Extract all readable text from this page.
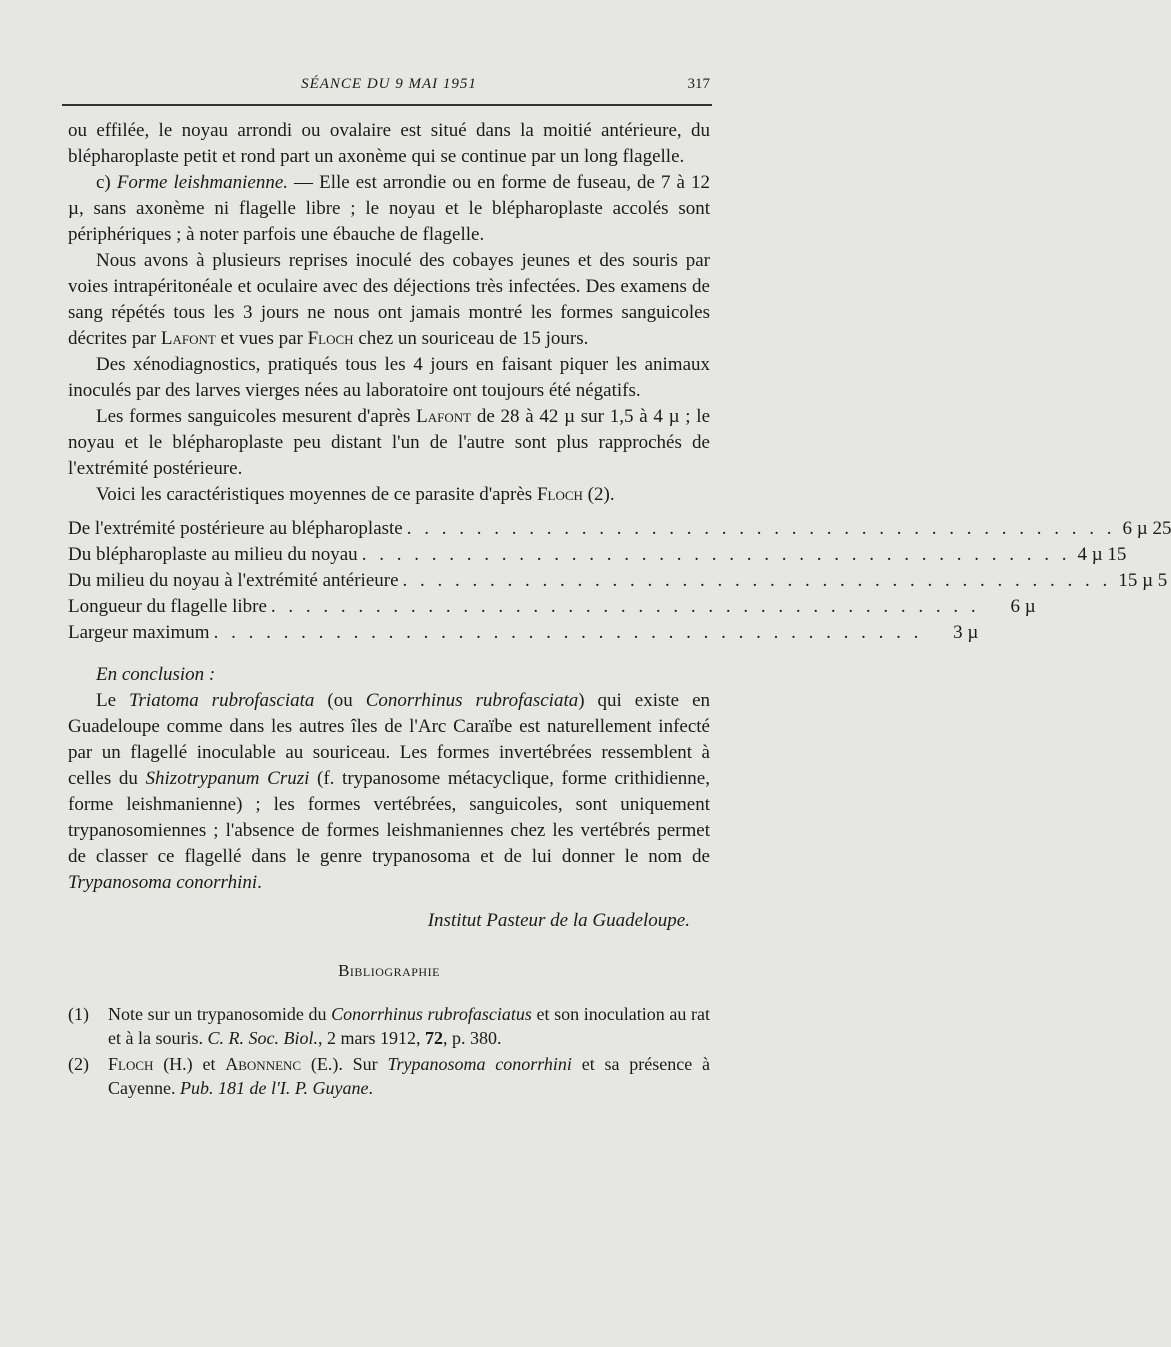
SÉANCE DU 9 MAI 1951	317

ou effilée, le noyau arrondi ou ovalaire est situé dans la moitié antérieure, du blépharoplaste petit et rond part un axonème qui se continue par un long flagelle.

c) Forme leishmanienne. — Elle est arrondie ou en forme de fuseau, de 7 à 12 µ, sans axonème ni flagelle libre ; le noyau et le blépharoplaste accolés sont périphériques ; à noter parfois une ébauche de flagelle.

Nous avons à plusieurs reprises inoculé des cobayes jeunes et des souris par voies intrapéritonéale et oculaire avec des déjections très infectées. Des examens de sang répétés tous les 3 jours ne nous ont jamais montré les formes sanguicoles décrites par Lafont et vues par Floch chez un souriceau de 15 jours.

Des xénodiagnostics, pratiqués tous les 4 jours en faisant piquer les animaux inoculés par des larves vierges nées au laboratoire ont toujours été négatifs.

Les formes sanguicoles mesurent d'après Lafont de 28 à 42 µ sur 1,5 à 4 µ ; le noyau et le blépharoplaste peu distant l'un de l'autre sont plus rapprochés de l'extrémité postérieure.

Voici les caractéristiques moyennes de ce parasite d'après Floch (2).

De l'extrémité postérieure au blépharoplaste . . . . . . . . . . . . . . . . . . . . . . . . . . . . . . . . . . . . . . . . . 6 µ 25
Du blépharoplaste au milieu du noyau . . . . . . . . . . . . . . . . . . . . . . . . . . . . . . . . . . . . . . . . . 4 µ 15
Du milieu du noyau à l'extrémité antérieure . . . . . . . . . . . . . . . . . . . . . . . . . . . . . . . . . . . . . . . . . 15 µ 5
Longueur du flagelle libre . . . . . . . . . . . . . . . . . . . . . . . . . . . . . . . . . . . . . . . . .	6 µ
Largeur maximum . . . . . . . . . . . . . . . . . . . . . . . . . . . . . . . . . . . . . . . . .	3 µ

En conclusion :

Le Triatoma rubrofasciata (ou Conorrhinus rubrofasciata) qui existe en Guadeloupe comme dans les autres îles de l'Arc Caraïbe est naturellement infecté par un flagellé inoculable au souriceau. Les formes invertébrées ressemblent à celles du Shizotrypanum Cruzi (f. trypanosome métacyclique, forme crithidienne, forme leishmanienne) ; les formes vertébrées, sanguicoles, sont uniquement trypanosomiennes ; l'absence de formes leishmaniennes chez les vertébrés permet de classer ce flagellé dans le genre trypanosoma et de lui donner le nom de Trypanosoma conorrhini.

Institut Pasteur de la Guadeloupe.

Bibliographie

(1) Note sur un trypanosomide du Conorrhinus rubrofasciatus et son inoculation au rat et à la souris. C. R. Soc. Biol., 2 mars 1912, 72, p. 380.

(2) Floch (H.) et Abonnenc (E.). Sur Trypanosoma conorrhini et sa présence à Cayenne. Pub. 181 de l'I. P. Guyane.
